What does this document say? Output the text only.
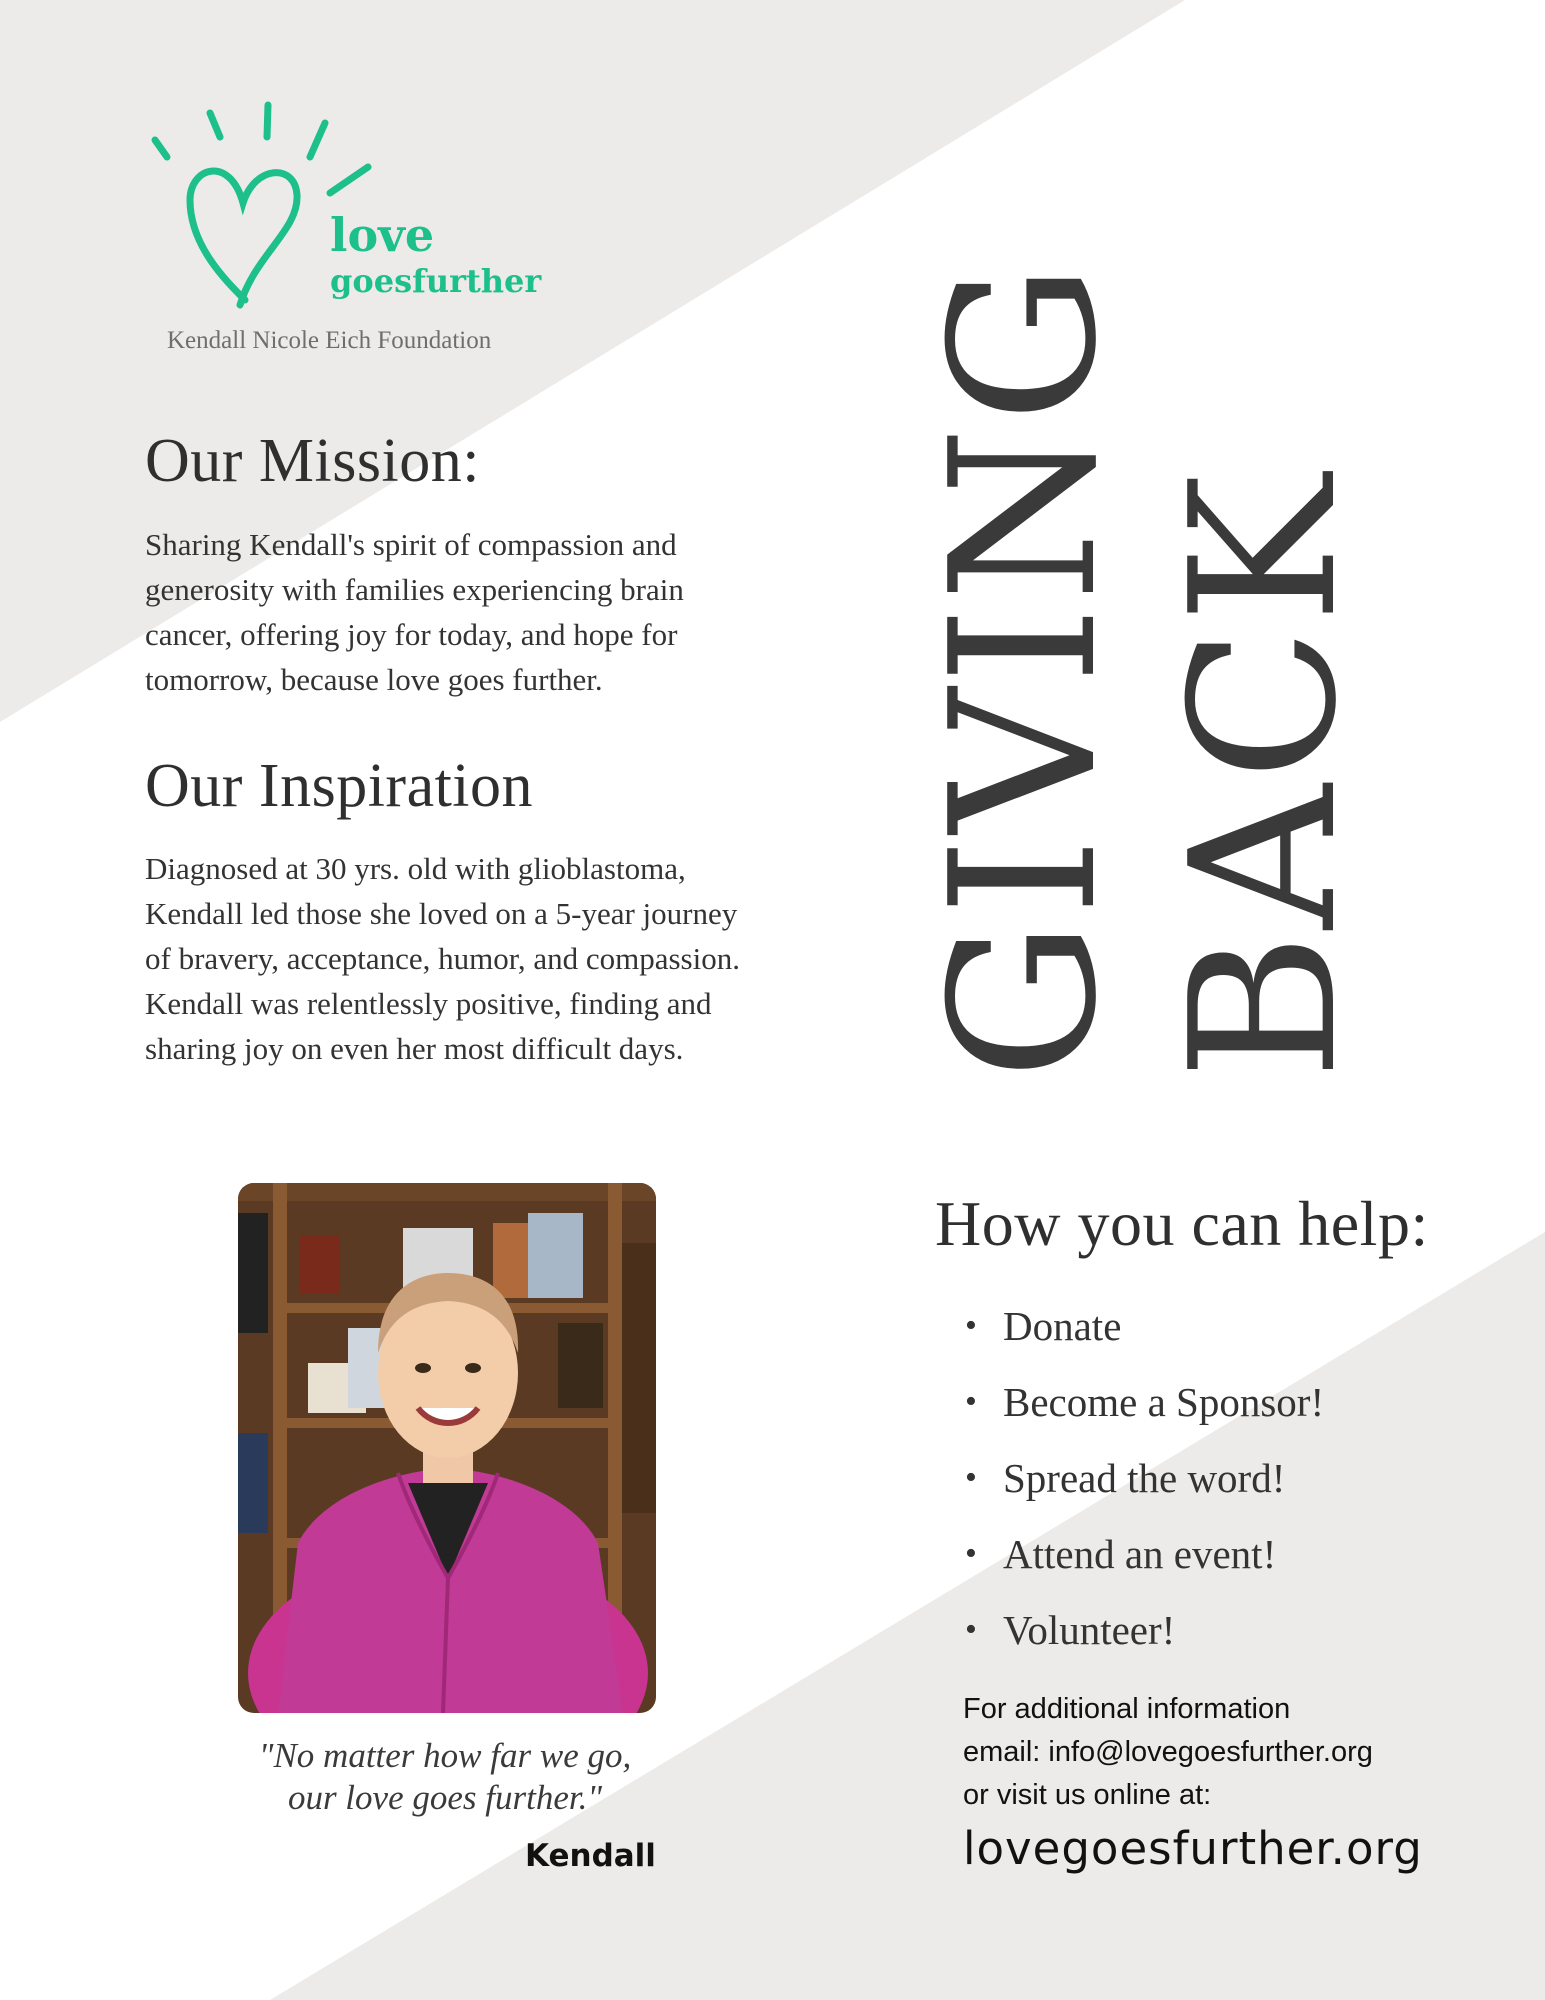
love
goesfurther
Kendall Nicole Eich Foundation
Our Mission:
Sharing Kendall's spirit of compassion and
generosity with families experiencing brain
cancer, offering joy for today, and hope for
tomorrow, because love goes further.
Our Inspiration
Diagnosed at 30 yrs. old with glioblastoma,
Kendall led those she loved on a 5-year journey
of bravery, acceptance, humor, and compassion.
Kendall was relentlessly positive, finding and
sharing joy on even her most difficult days. GIVING BACK
"No matter how far we go,
our love goes further."
Kendall
How you can help:
• Donate
• Become a Sponsor!
• Spread the word!
• Attend an event!
• Volunteer!
For additional information
email: info@lovegoesfurther.org
or visit us online at:
lovegoesfurther.org
